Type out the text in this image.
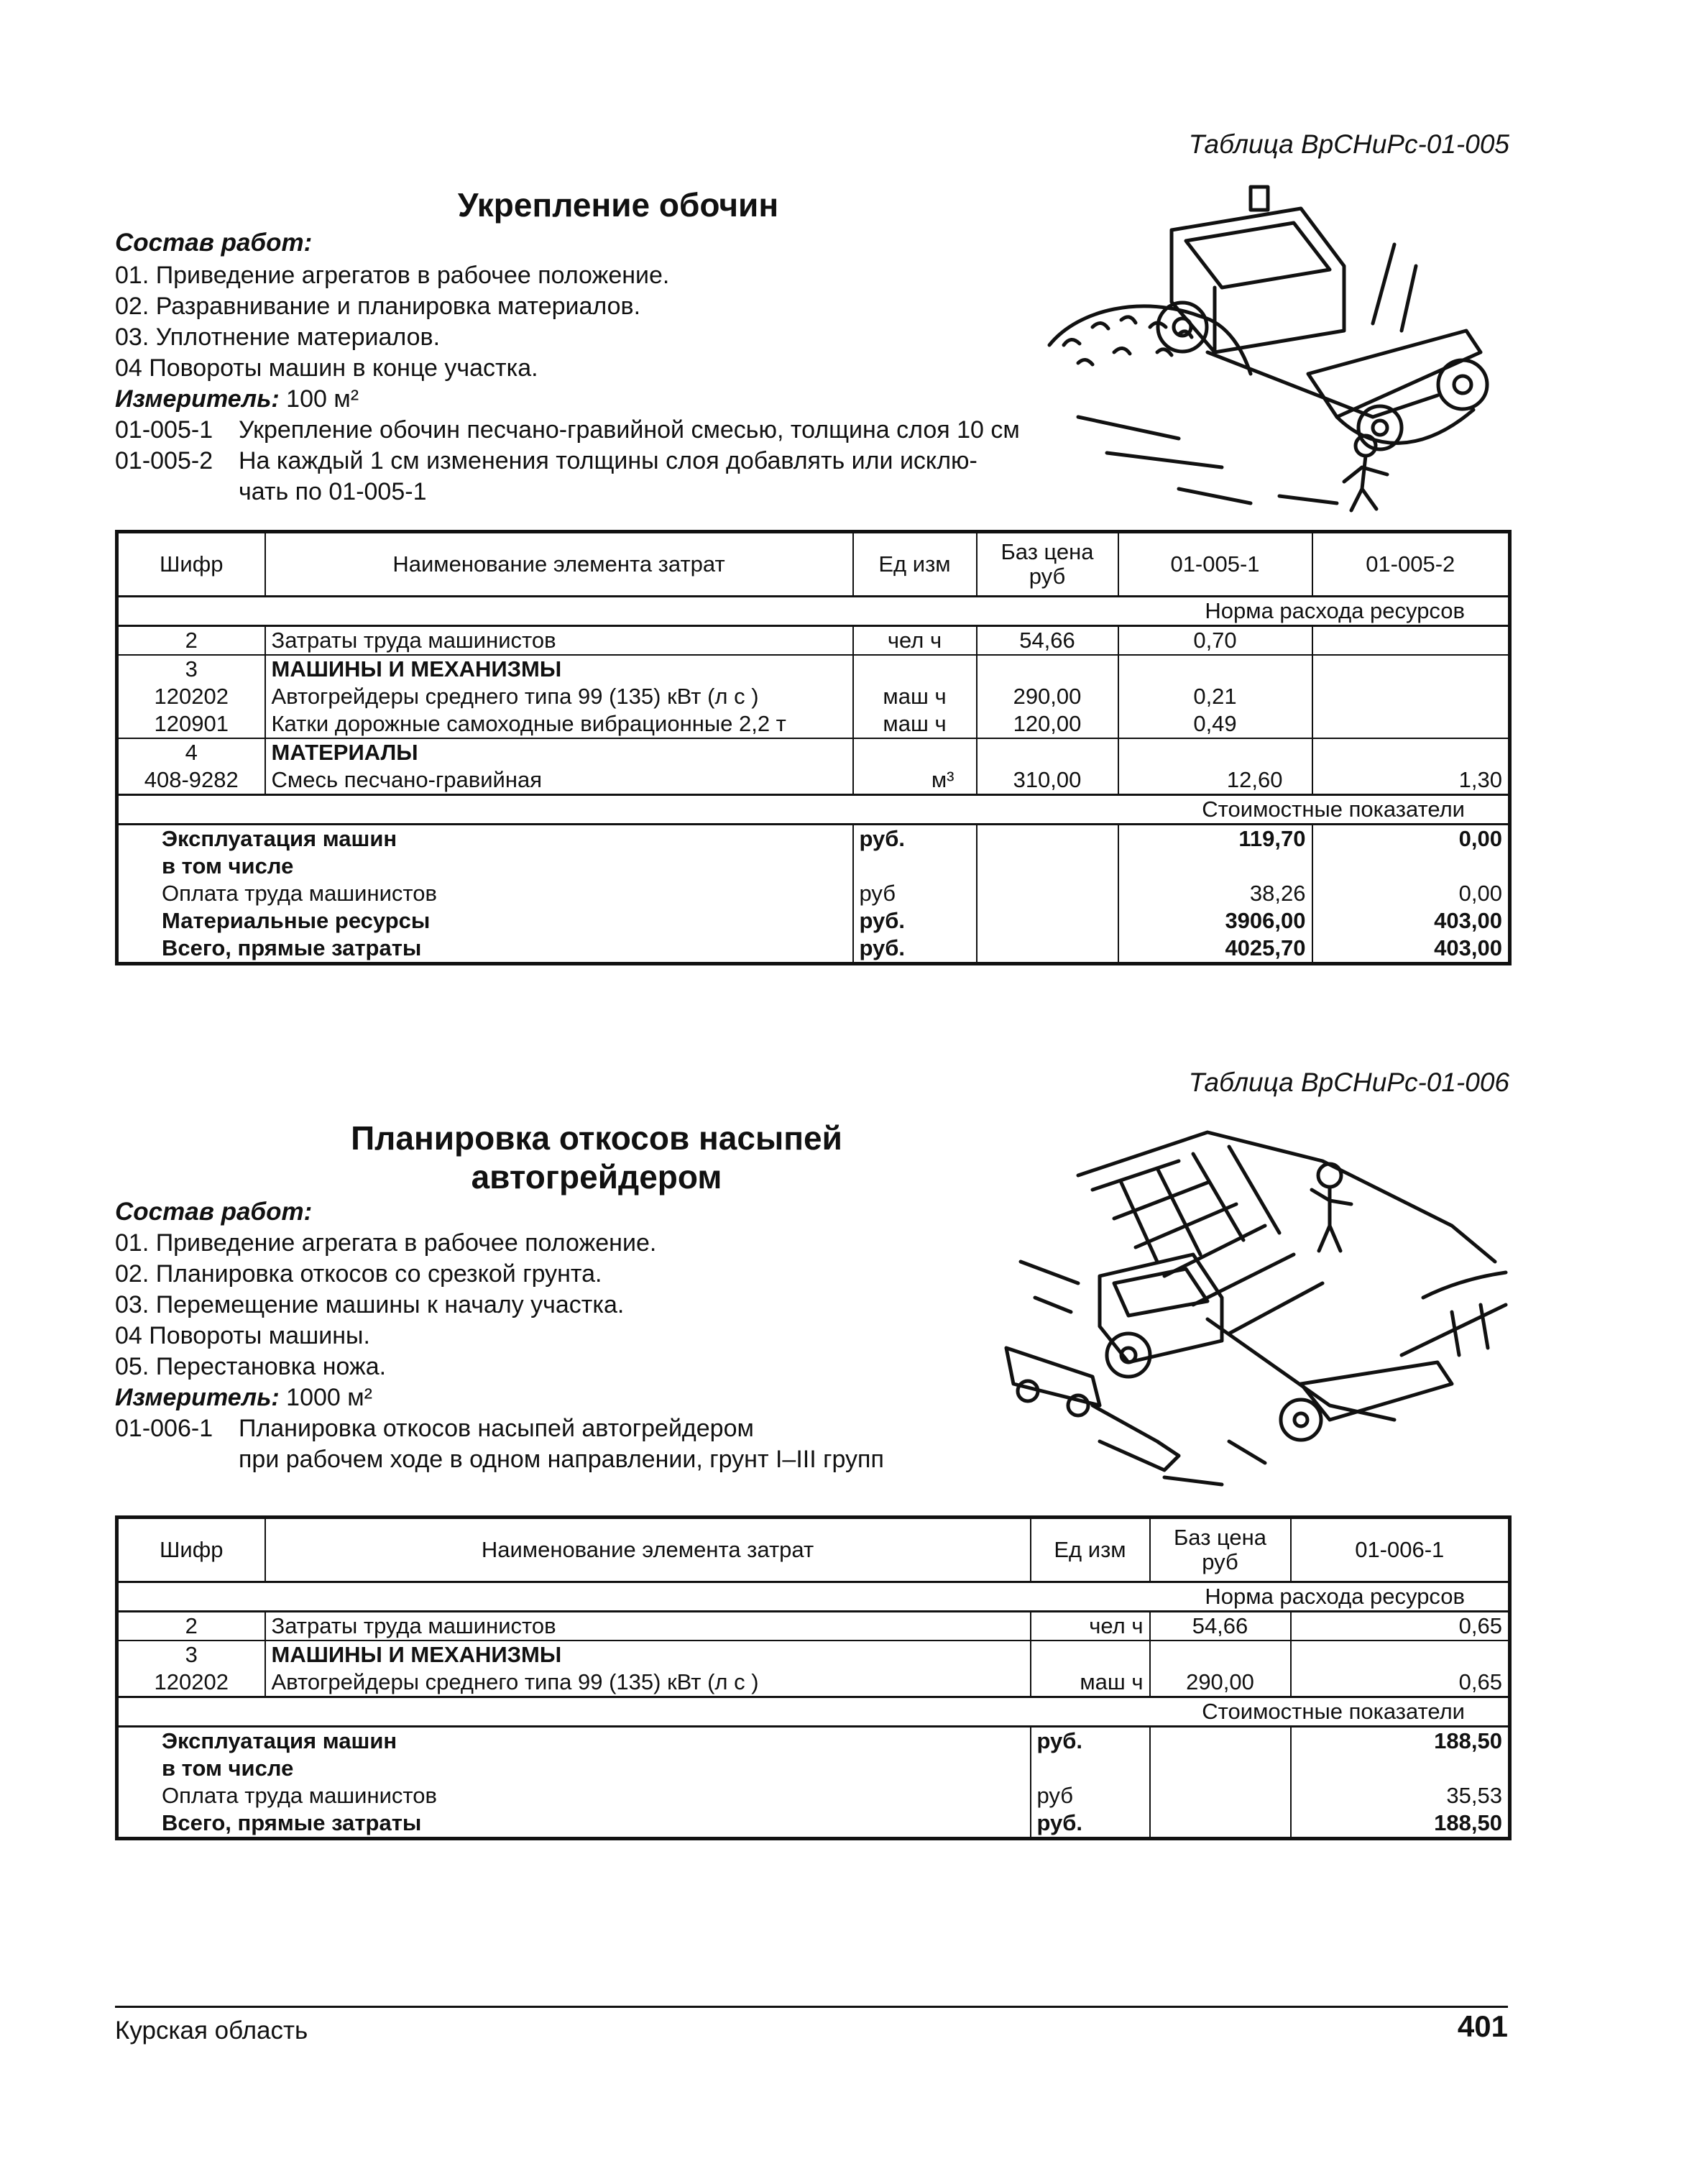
Таблица ВрСНиРс-01-005
Укрепление обочин
Состав работ:
01. Приведение агрегатов в рабочее положение.
02. Разравнивание и планировка материалов.
03. Уплотнение материалов.
04 Повороты машин в конце участка.
Измеритель: 100 м²
01-005-1	Укрепление обочин песчано-гравийной смесью, толщина слоя 10 см
01-005-2	На каждый 1 см изменения толщины слоя добавлять или исклю-
чать по 01-005-1
Шифр	Наименование элемента затрат	Ед изм	Баз цена руб	01-005-1	01-005-2
Норма расхода ресурсов					
2	Затраты труда машинистов	чел ч	54,66	0,70	
3	МАШИНЫ И МЕХАНИЗМЫ				
120202	Автогрейдеры среднего типа 99 (135) кВт (л с )	маш ч	290,00	0,21	
120901	Катки дорожные самоходные вибрационные 2,2 т	маш ч	120,00	0,49	
4	МАТЕРИАЛЫ				
408-9282	Смесь песчано-гравийная	м³	310,00	12,60	1,30
Стоимостные показатели					
Эксплуатация машин		руб.		119,70	0,00
в том числе					
Оплата труда машинистов		руб		38,26	0,00
Материальные ресурсы		руб.		3906,00	403,00
Всего, прямые затраты		руб.		4025,70	403,00
Таблица ВрСНиРс-01-006
Планировка откосов насыпей
автогрейдером
Состав работ:
01. Приведение агрегата в рабочее положение.
02. Планировка откосов со срезкой грунта.
03. Перемещение машины к началу участка.
04 Повороты машины.
05. Перестановка ножа.
Измеритель: 1000 м²
01-006-1	Планировка откосов насыпей автогрейдером
при рабочем ходе в одном направлении, грунт I–III групп
Шифр	Наименование элемента затрат	Ед изм	Баз цена руб	01-006-1
Норма расхода ресурсов				
2	Затраты труда машинистов	чел ч	54,66	0,65
3	МАШИНЫ И МЕХАНИЗМЫ			
120202	Автогрейдеры среднего типа 99 (135) кВт (л с )	маш ч	290,00	0,65
Стоимостные показатели				
Эксплуатация машин		руб.		188,50
в том числе				
Оплата труда машинистов		руб		35,53
Всего, прямые затраты		руб.		188,50
Курская область	401
